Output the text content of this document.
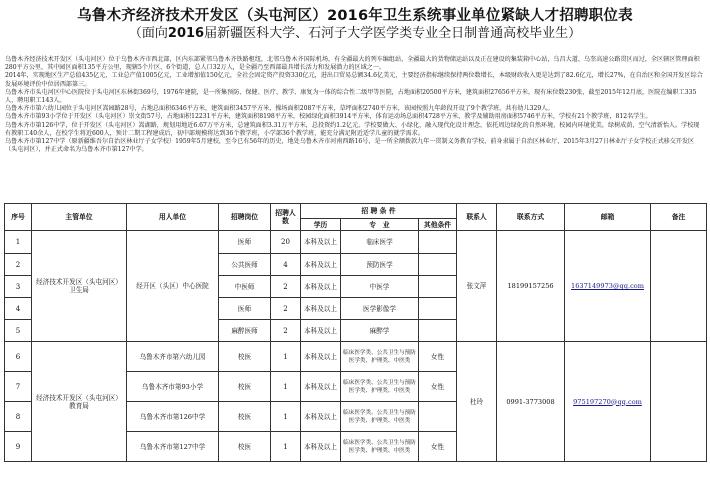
乌鲁木齐经济技术开发区（头屯河区）2016年卫生系统事业单位紧缺人才招聘职位表
（面向2016届新疆医科大学、石河子大学医学类专业全日制普通高校毕业生）

乌鲁木齐经济技术开发区（头屯河区）位于乌鲁木齐市西北部，区内东部紧邻乌鲁木齐铁路枢纽，北邻乌鲁木齐国际机场，有全疆最大的列车编组站，全疆最大的货物储运站以及正在建设的集装箱中心站，乌昌大道、乌奎高速公路贯区而过，全区辖区管理面积280平方公里，其中园区面积135平方公里，现辖5个片区、6个街道，总人口32万人，是全疆乃至西部最具增长活力和发展潜力的区域之一。

2014年，实现地区生产总值435亿元，工业总产值1005亿元，工业增加值150亿元，全社会固定资产投资330亿元，进出口贸易总额34.6亿美元，主要经济指标继续保持两位数增长，本级财政收入更是达到了82.6亿元，增长27%，在自治区和全国开发区综合发展环境评价中位居西部第三。

乌鲁木齐市头屯河区中心医院位于头屯河区东林街369号，1976年建院，是一所集预防、保健、医疗、教学、康复为一体的综合性二级甲等医院，占地面积20500平方米，建筑面积27656平方米，现有床位数230张，截至2015年12月底，医院在编职工335人，聘用职工143人。

乌鲁木齐市第六幼儿园位于头屯河区嵩园路28号，占地总面积6346平方米，建筑面积3457平方米，操场面积2087平方米，草坪面积2740平方米，该园按照九年龄段开设了9个教学班，共有幼儿329人。

乌鲁木齐市第93小学位于开发区（头屯河区）崇文街57号，占地面积12231平方米，建筑面积8198平方米，校园绿化面积3914平方米，体育运动场总面积4728平方米，教学及辅助用房面积5746平方米，学校有21个教学班，812名学生。

乌鲁木齐市第126中学，位于开发区（头屯河区）嵩湖路，规划用地近6.67万平方米，总建筑面积3.31万平方米，总投资约1.2亿元。学校要做大、小绿化，融入现代化设计理念，依托周边绿化的自然环境，校园内环境优美，绿树成荫，空气清新怡人。学校现有教职工40余人，在校学生将近600人，预计二期工程建成后，初中部规模将达到36个教学班，小学部36个教学班，能充分满足附近适学儿童的就学需求。

乌鲁木齐市第127中学（原新疆维吾尔自治区林业厅子女学校）1959年5月建校，至今已有56年的历史，地处乌鲁木齐市河南西路16号，是一所全额拨款九年一贯制义务教育学校，前身隶属于自治区林业厅，2015年3月27日林业厅子女学校正式移交开发区（头屯河区），并正式命名为乌鲁木齐市第127中学。

序号	主管单位	用人单位	招聘岗位	招聘人数	招 聘 条 件			联系人	联系方式	邮箱	备注
					学历	专　业	其他条件				
1	经济技术开发区（头屯河区）卫生局	经开区（头区）中心医院	医师	20	本科及以上	临床医学		张文萍	18199157256	1637149973@qq.com	
2			公共医师	4	本科及以上	预防医学					
3			中医师	2	本科及以上	中医学					
4			医师	2	本科及以上	医学影像学					
5			麻醉医师	2	本科及以上	麻醉学					
6	经济技术开发区（头屯河区）教育局	乌鲁木齐市第六幼儿园	校医	1	本科及以上	临床医学类、公共卫生与预防医学类、护理类、中医类	女性	杜玲	0991-3773008	975197270@qq.com	
7		乌鲁木齐市第93小学	校医	1	本科及以上	临床医学类、公共卫生与预防医学类、护理类、中医类	女性				
8		乌鲁木齐市第126中学	校医	1	本科及以上	临床医学类、公共卫生与预防医学类、护理类、中医类					
9		乌鲁木齐市第127中学	校医	1	本科及以上	临床医学类、公共卫生与预防医学类、护理类、中医类	女性				
